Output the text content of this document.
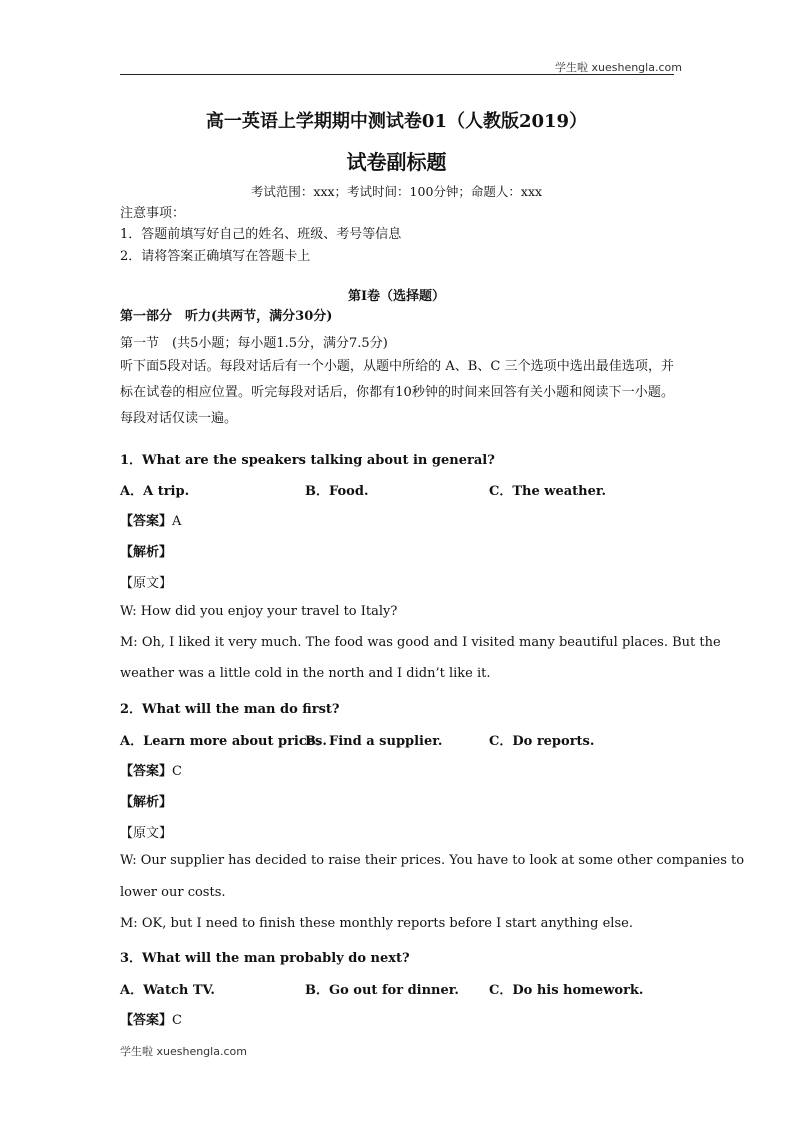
学生啦 xueshengla.com
高一英语上学期期中测试卷01（人教版2019）
试卷副标题
考试范围：xxx；考试时间：100分钟；命题人：xxx
注意事项：
1．答题前填写好自己的姓名、班级、考号等信息
2．请将答案正确填写在答题卡上
第I卷（选择题）
第一部分　听力(共两节，满分30分)
第一节　(共5小题；每小题1.5分，满分7.5分)
听下面5段对话。每段对话后有一个小题，从题中所给的 A、B、C 三个选项中选出最佳选项，并标在试卷的相应位置。听完每段对话后，你都有10秒钟的时间来回答有关小题和阅读下一小题。每段对话仅读一遍。
1．What are the speakers talking about in general?
A．A trip.	B．Food.	C．The weather.
【答案】A
【解析】
【原文】
W: How did you enjoy your travel to Italy?
M: Oh, I liked it very much. The food was good and I visited many beautiful places. But the
weather was a little cold in the north and I didn’t like it.
2．What will the man do first?
A．Learn more about prices.
B．Find a supplier.	C．Do reports.
【答案】C
【解析】
【原文】
W: Our supplier has decided to raise their prices. You have to look at some other companies to
lower our costs.
M: OK, but I need to finish these monthly reports before I start anything else.
3．What will the man probably do next?
A．Watch TV.	B．Go out for dinner. C．Do his homework.
【答案】C
学生啦 xueshengla.com
